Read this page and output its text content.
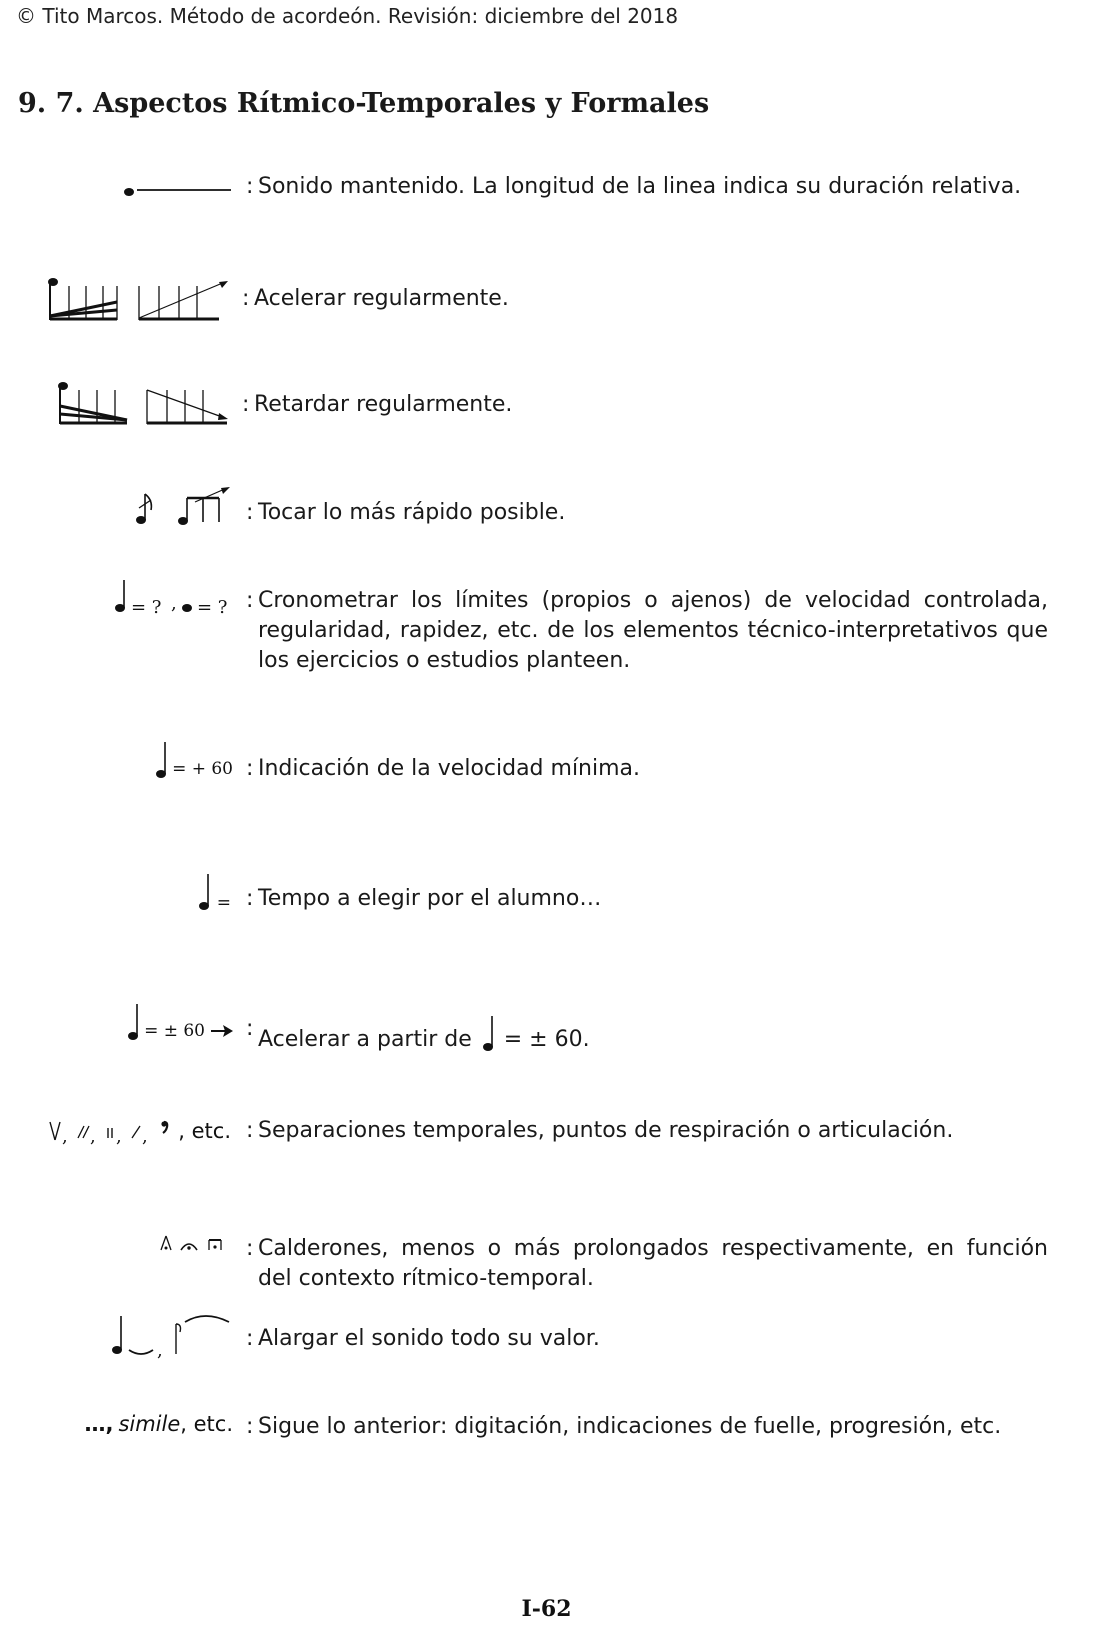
© Tito Marcos. Método de acordeón. Revisión: diciembre del 2018
9. 7. Aspectos Rítmico-Temporales y Formales
: Sonido mantenido. La longitud de la linea indica su duración relativa.
: Acelerar regularmente.
: Retardar regularmente.
: Tocar lo más rápido posible.
= ? , = ? : Cronometrar los límites (propios o ajenos) de velocidad controlada, regularidad, rapidez, etc. de los elementos técnico-interpretativos que los ejercicios o estudios planteen.
= + 60 : Indicación de la velocidad mínima.
= : Tempo a elegir por el alumno…
= ± 60 : Acelerar a partir de = ± 60.
, , , , , etc. : Separaciones temporales, puntos de respiración o articulación.
: Calderones, menos o más prolongados respectivamente, en función del contexto rítmico-temporal.
,	: Alargar el sonido todo su valor.
…, simile , etc. : Sigue lo anterior: digitación, indicaciones de fuelle, progresión, etc.
I-62
